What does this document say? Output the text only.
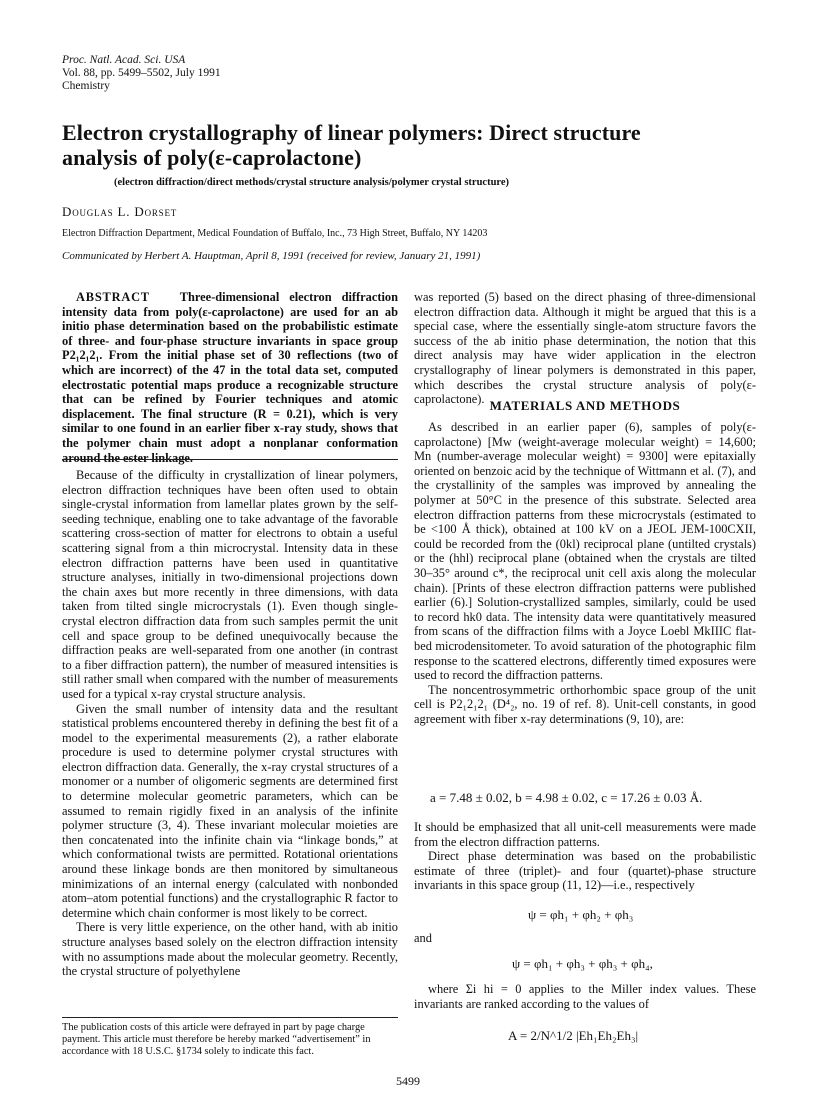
Proc. Natl. Acad. Sci. USA
Vol. 88, pp. 5499–5502, July 1991
Chemistry
Electron crystallography of linear polymers: Direct structure
analysis of poly(ε-caprolactone)
(electron diffraction/direct methods/crystal structure analysis/polymer crystal structure)
Douglas L. Dorset
Electron Diffraction Department, Medical Foundation of Buffalo, Inc., 73 High Street, Buffalo, NY 14203
Communicated by Herbert A. Hauptman, April 8, 1991 (received for review, January 21, 1991)
ABSTRACT Three-dimensional electron diffraction intensity data from poly(ε-caprolactone) are used for an ab initio phase determination based on the probabilistic estimate of three- and four-phase structure invariants in space group P2₁2₁2₁. From the initial phase set of 30 reflections (two of which are incorrect) of the 47 in the total data set, computed electrostatic potential maps produce a recognizable structure that can be refined by Fourier techniques and atomic displacement. The final structure (R = 0.21), which is very similar to one found in an earlier fiber x-ray study, shows that the polymer chain must adopt a nonplanar conformation around the ester linkage.

Because of the difficulty in crystallization of linear polymers, electron diffraction techniques have been often used to obtain single-crystal information from lamellar plates grown by the self-seeding technique, enabling one to take advantage of the favorable scattering cross-section of matter for electrons to obtain a useful scattering signal from a thin microcrystal. Intensity data in these electron diffraction patterns have been used in quantitative structure analyses, initially in two-dimensional projections down the chain axes but more recently in three dimensions, with data taken from tilted single microcrystals (1). Even though single-crystal electron diffraction data from such samples permit the unit cell and space group to be defined unequivocally because the diffraction peaks are well-separated from one another (in contrast to a fiber diffraction pattern), the number of measured intensities is still rather small when compared with the number of measurements used for a typical x-ray crystal structure analysis.

Given the small number of intensity data and the resultant statistical problems encountered thereby in defining the best fit of a model to the experimental measurements (2), a rather elaborate procedure is used to determine polymer crystal structures with electron diffraction data. Generally, the x-ray crystal structures of a monomer or a number of oligomeric segments are determined first to determine molecular geometric parameters, which can be assumed to remain rigidly fixed in an analysis of the infinite polymer structure (3, 4). These invariant molecular moieties are then concatenated into the infinite chain via “linkage bonds,” at which conformational twists are permitted. Rotational orientations around these linkage bonds are then monitored by simultaneous minimizations of an internal energy (calculated with nonbonded atom–atom potential functions) and the crystallographic R factor to determine which chain conformer is most likely to be correct.

There is very little experience, on the other hand, with ab initio structure analyses based solely on the electron diffraction intensity with no assumptions made about the molecular geometry. Recently, the crystal structure of polyethylene

was reported (5) based on the direct phasing of three-dimensional electron diffraction data. Although it might be argued that this is a special case, where the essentially single-atom structure favors the success of the ab initio phase determination, the notion that this direct analysis may have wider application in the electron crystallography of linear polymers is demonstrated in this paper, which describes the crystal structure analysis of poly(ε-caprolactone). MATERIALS AND METHODS

As described in an earlier paper (6), samples of poly(ε-caprolactone) [Mw (weight-average molecular weight) = 14,600; Mn (number-average molecular weight) = 9300] were epitaxially oriented on benzoic acid by the technique of Wittmann et al. (7), and the crystallinity of the samples was improved by annealing the polymer at 50°C in the presence of this substrate. Selected area electron diffraction patterns from these microcrystals (estimated to be <100 Å thick), obtained at 100 kV on a JEOL JEM-100CXII, could be recorded from the (0kl) reciprocal plane (untilted crystals) or the (hhl) reciprocal plane (obtained when the crystals are tilted 30–35° around c*, the reciprocal unit cell axis along the molecular chain). [Prints of these electron diffraction patterns were published earlier (6).] Solution-crystallized samples, similarly, could be used to record hk0 data. The intensity data were quantitatively measured from scans of the diffraction films with a Joyce Loebl MkIIIC flat-bed microdensitometer. To avoid saturation of the photographic film response to the scattered electrons, differently timed exposures were used to record the diffraction patterns.

The noncentrosymmetric orthorhombic space group of the unit cell is P2₁2₁2₁ (D⁴₂, no. 19 of ref. 8). Unit-cell constants, in good agreement with fiber x-ray determinations (9, 10), are:

a = 7.48 ± 0.02, b = 4.98 ± 0.02, c = 17.26 ± 0.03 Å.

It should be emphasized that all unit-cell measurements were made from the electron diffraction patterns.

Direct phase determination was based on the probabilistic estimate of three (triplet)- and four (quartet)-phase structure invariants in this space group (11, 12)—i.e., respectively

ψ = φh₁ + φh₂ + φh₃
and
ψ = φh₁ + φh₃ + φh₃ + φh₄,

where Σi hi = 0 applies to the Miller index values. These invariants are ranked according to the values of

A = 2/N^1/2 |Eh₁Eh₂Eh₃|
The publication costs of this article were defrayed in part by page charge payment. This article must therefore be hereby marked “advertisement” in accordance with 18 U.S.C. §1734 solely to indicate this fact.
5499
